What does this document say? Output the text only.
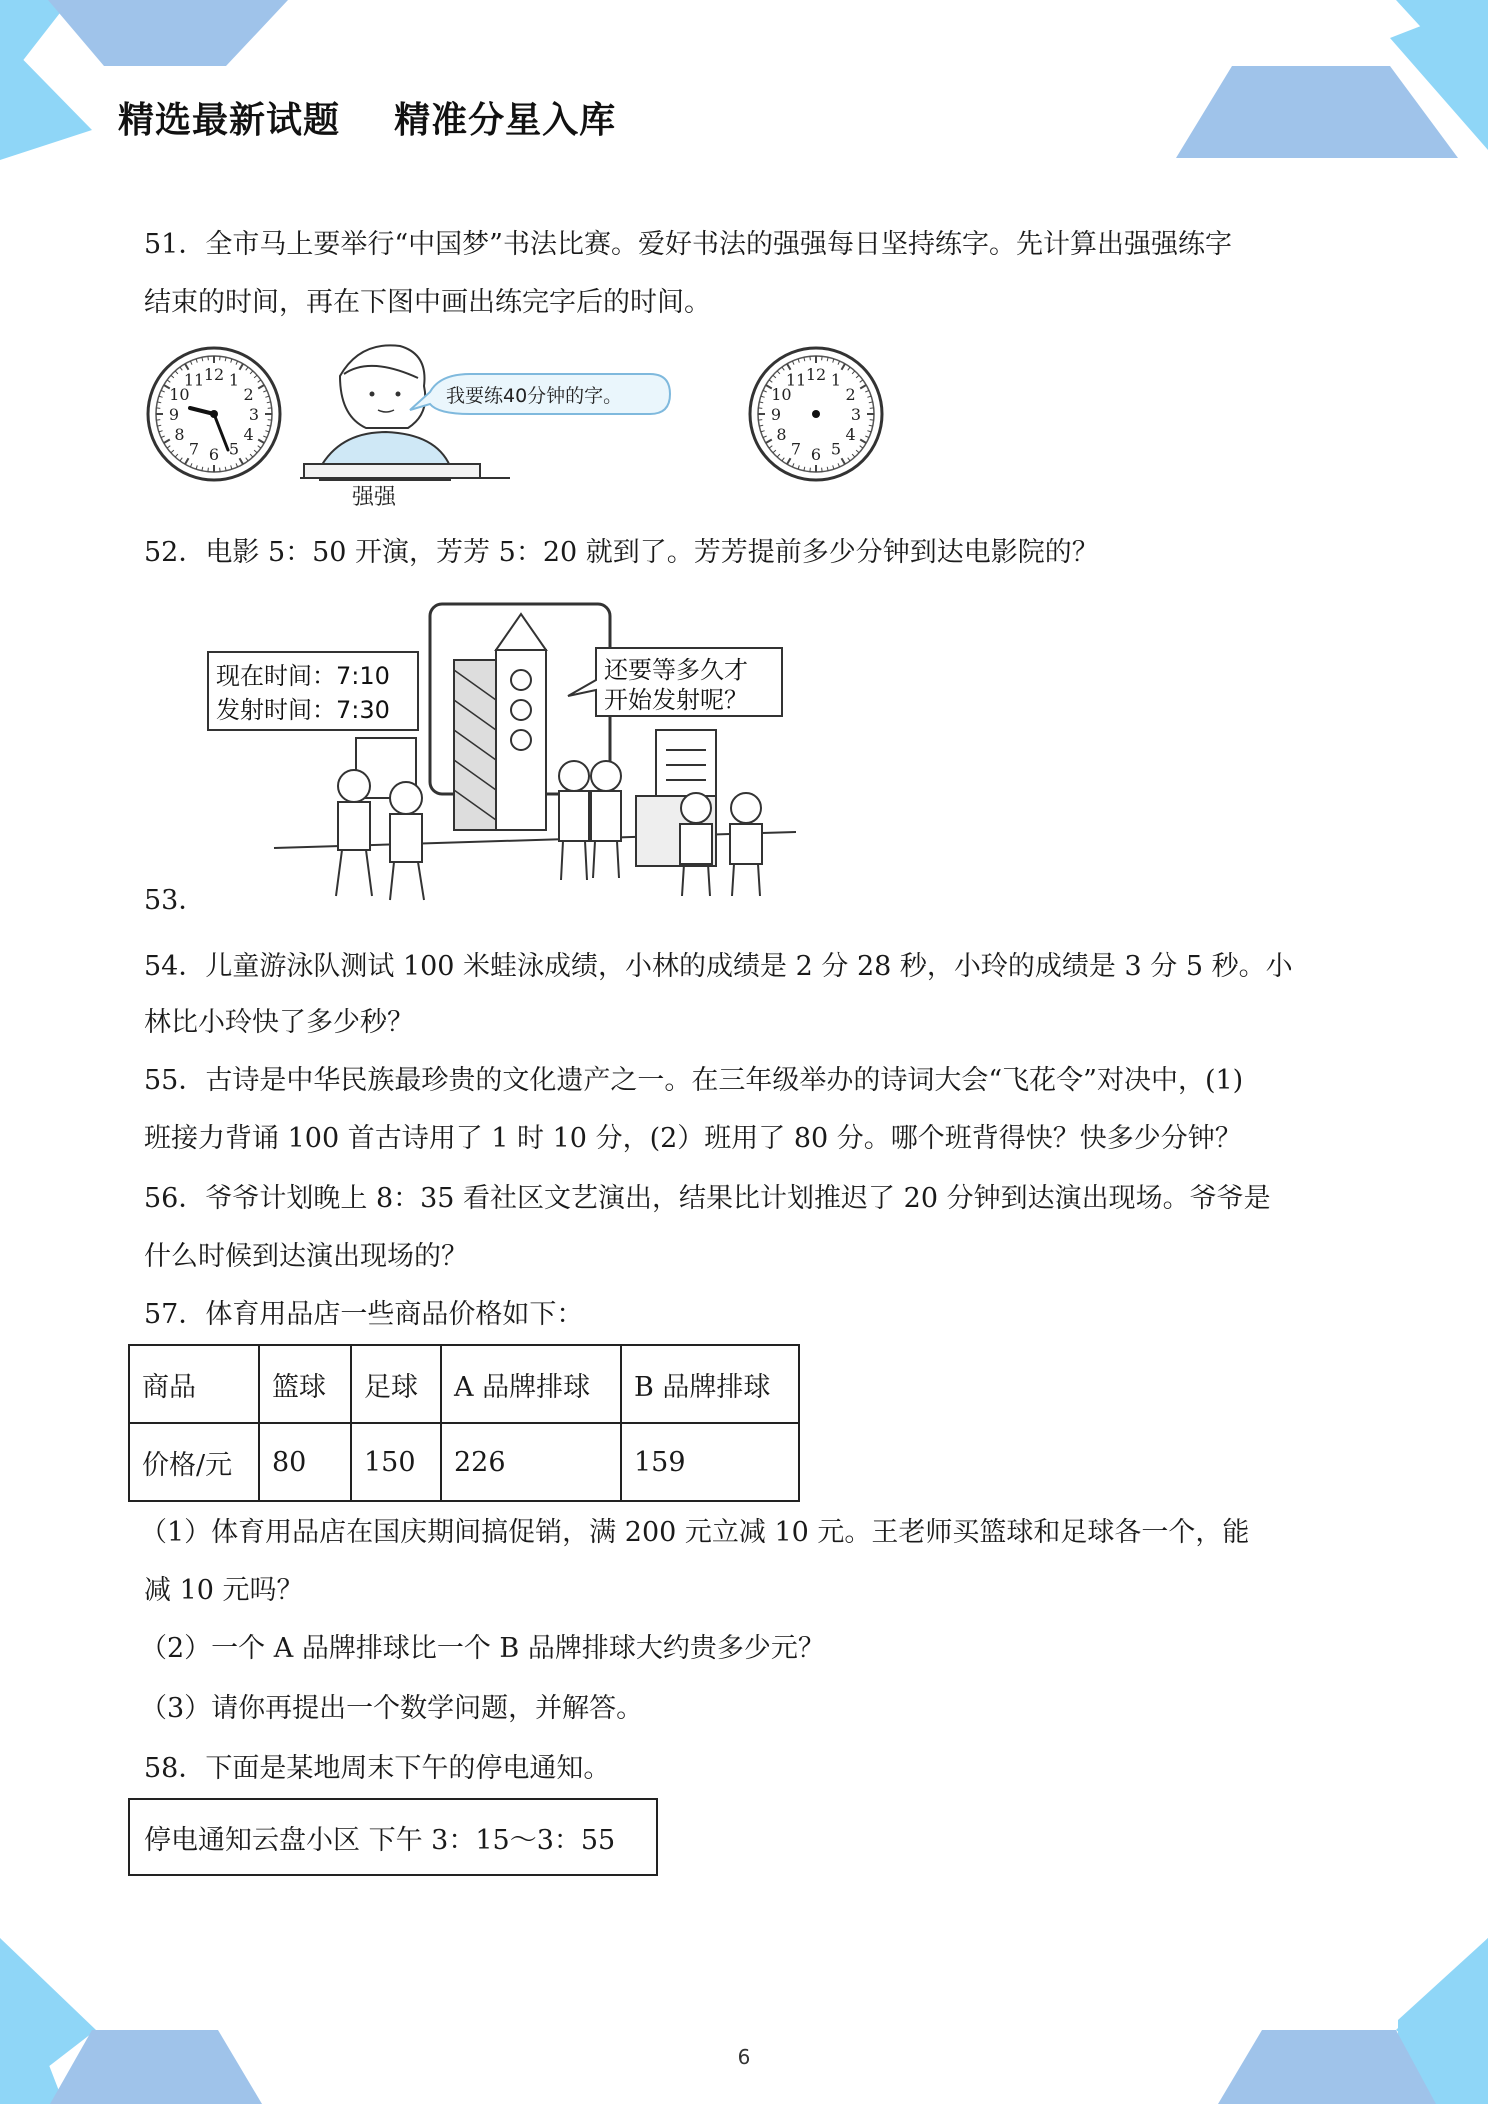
精选最新试题    精准分星入库
51．全市马上要举行“中国梦”书法比赛。爱好书法的强强每日坚持练字。先计算出强强练字
结束的时间，再在下图中画出练完字后的时间。
12 1
2
3
4
5
6
7
8
9
10
11
强强
我要练40分钟的字。
12 1
2
3
4
5
6
7
8
9
10
11
52．电影 5：50 开演，芳芳 5：20 就到了。芳芳提前多少分钟到达电影院的？
现在时间：7:10
发射时间：7:30
还要等多久才
开始发射呢？
53．
54．儿童游泳队测试 100 米蛙泳成绩，小林的成绩是 2 分 28 秒，小玲的成绩是 3 分 5 秒。小
林比小玲快了多少秒？
55．古诗是中华民族最珍贵的文化遗产之一。在三年级举办的诗词大会“飞花令”对决中，(1)
班接力背诵 100 首古诗用了 1 时 10 分，(2）班用了 80 分。哪个班背得快？快多少分钟？
56．爷爷计划晚上 8：35 看社区文艺演出，结果比计划推迟了 20 分钟到达演出现场。爷爷是
什么时候到达演出现场的？
57．体育用品店一些商品价格如下：
商品	篮球	足球	A 品牌排球	B 品牌排球
价格/元	80	150	226	159
（1）体育用品店在国庆期间搞促销，满 200 元立减 10 元。王老师买篮球和足球各一个，能
减 10 元吗？
（2）一个 A 品牌排球比一个 B 品牌排球大约贵多少元？
（3）请你再提出一个数学问题，并解答。
58．下面是某地周末下午的停电通知。
停电通知云盘小区 下午 3：15～3：55
6
